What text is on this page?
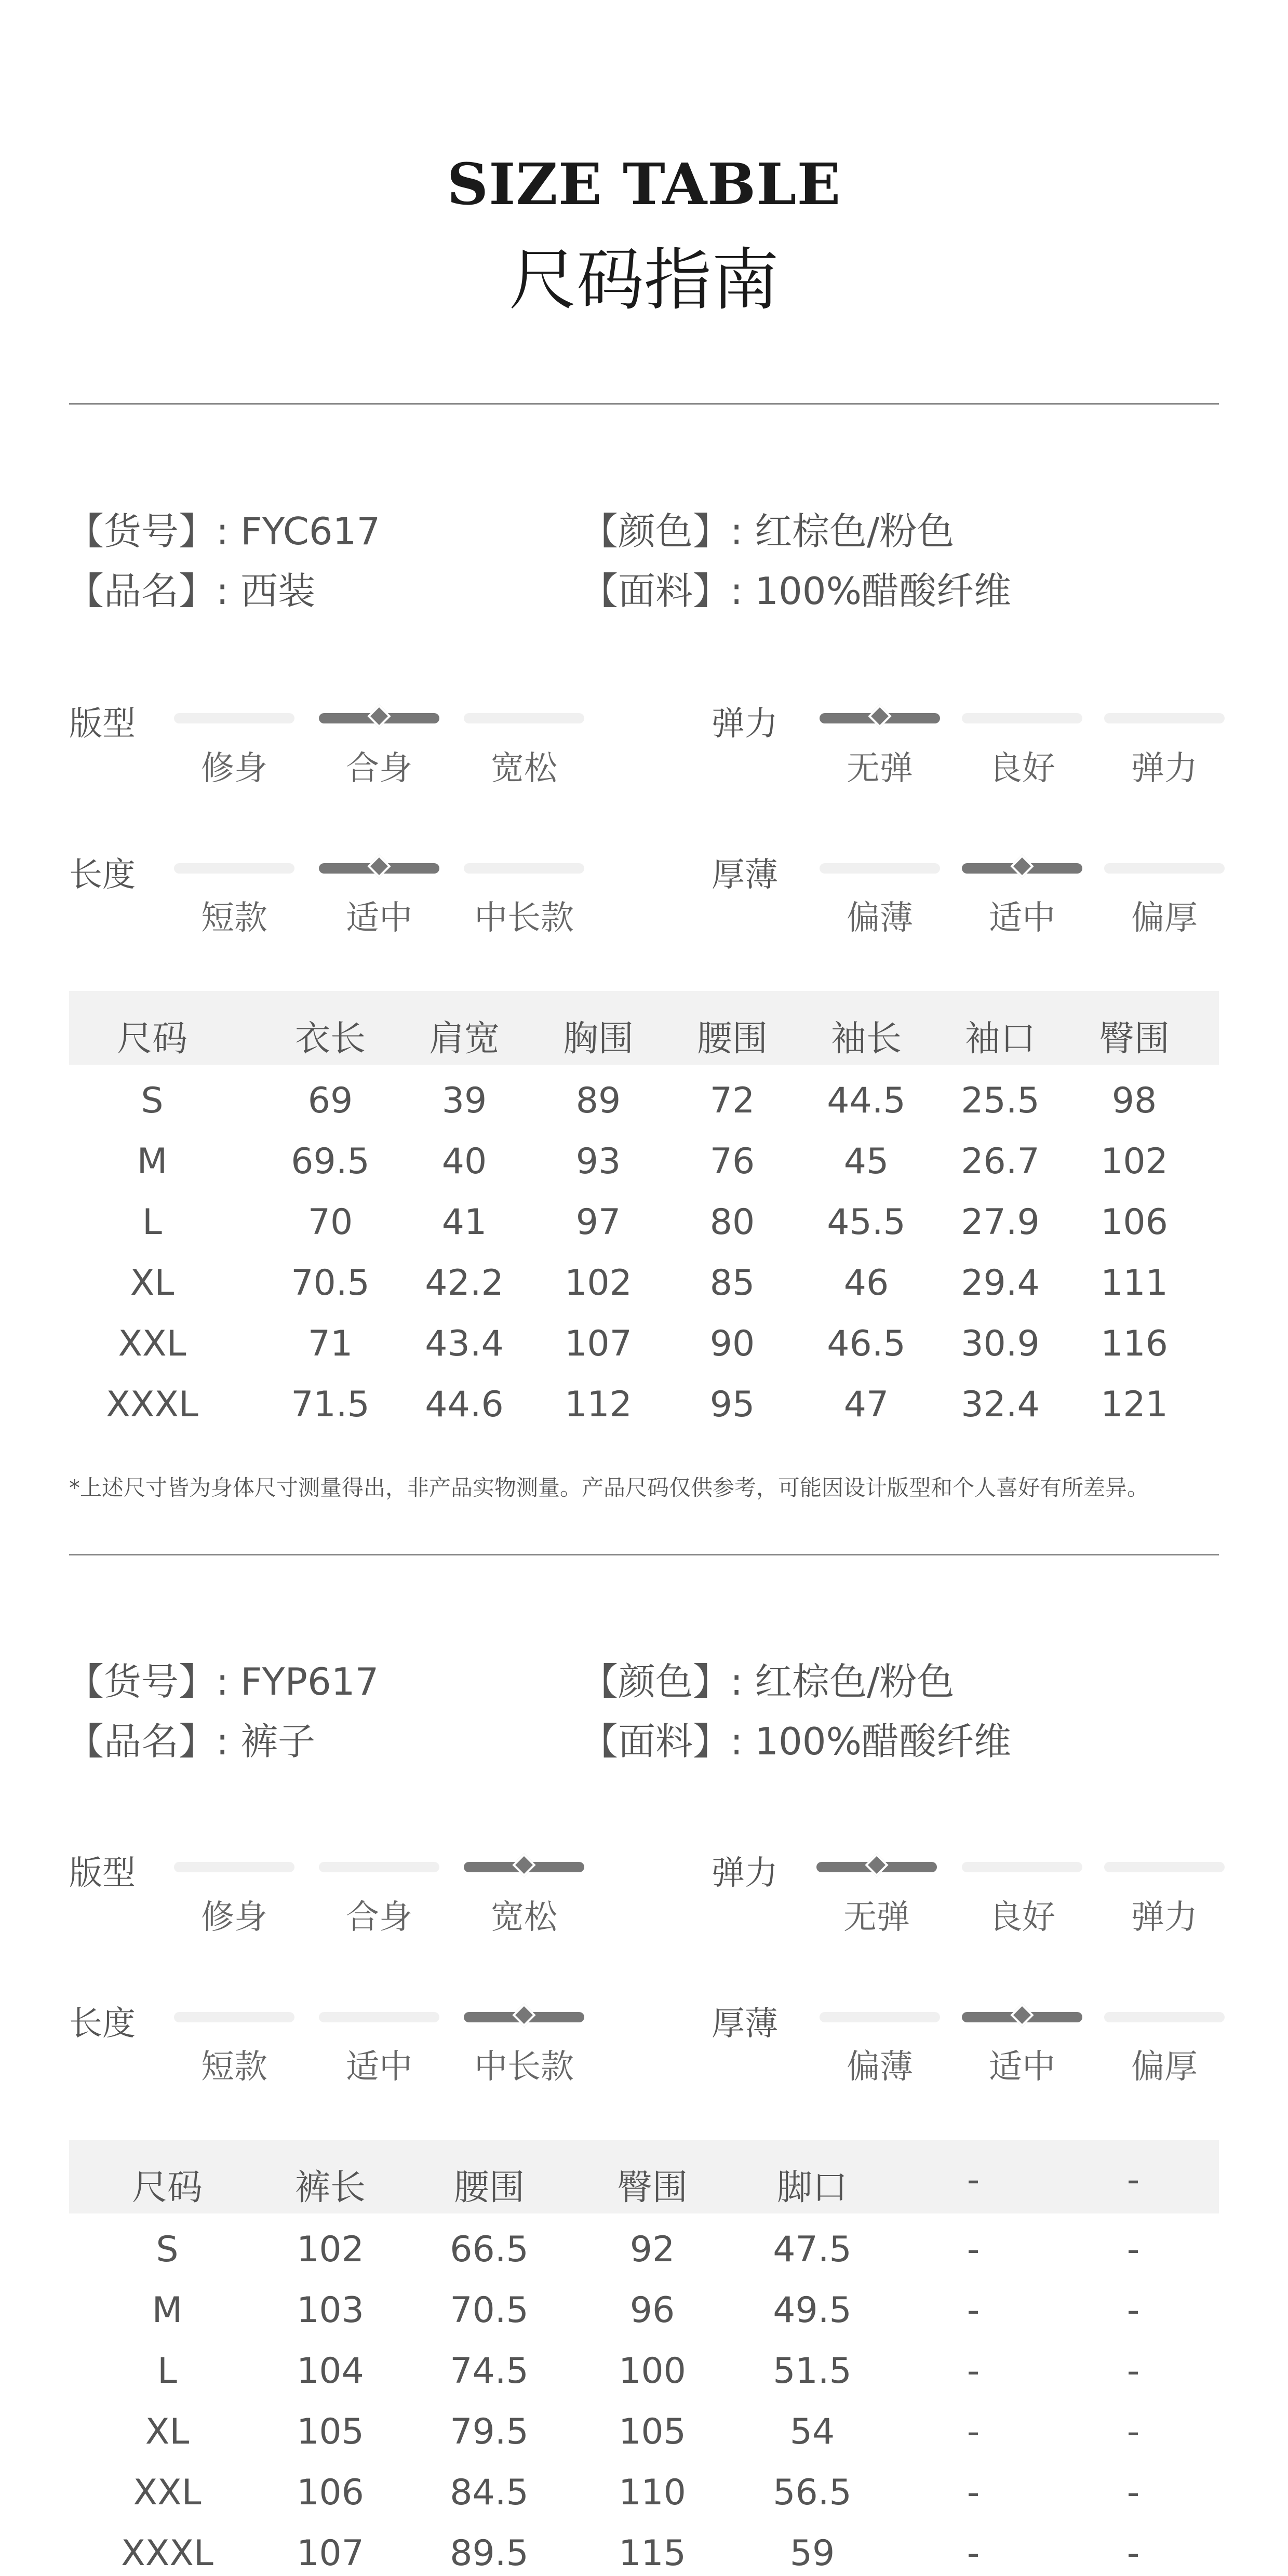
SIZE TABLE
尺码指南
【货号】: FYC617	【颜色】: 红棕色/粉色
【品名】: 西装	【面料】: 100%醋酸纤维
版型
修身	合身	宽松
弹力
无弹	良好	弹力
长度
短款	适中	中长款
厚薄
偏薄	适中	偏厚
尺码	衣长	肩宽	胸围	腰围	袖长	袖口	臀围
S	69	39	89	72	44.5	25.5	98
M	69.5	40	93	76	45	26.7	102
L	70	41	97	80	45.5	27.9	106
XL	70.5	42.2	102	85	46	29.4	111
XXL	71	43.4	107	90	46.5	30.9	116
XXXL	71.5	44.6	112	95	47	32.4	121
*上述尺寸皆为身体尺寸测量得出，非产品实物测量。产品尺码仅供参考，可能因设计版型和个人喜好有所差异。
【货号】: FYP617	【颜色】: 红棕色/粉色
【品名】: 裤子	【面料】: 100%醋酸纤维
版型
修身	合身	宽松
弹力
无弹	良好	弹力
长度
短款	适中	中长款
厚薄
偏薄	适中	偏厚
尺码	裤长	腰围	臀围	脚口	-	-
S	102	66.5	92	47.5	-	-
M	103	70.5	96	49.5	-	-
L	104	74.5	100	51.5	-	-
XL	105	79.5	105	54	-	-
XXL	106	84.5	110	56.5	-	-
XXXL	107	89.5	115	59	-	-
